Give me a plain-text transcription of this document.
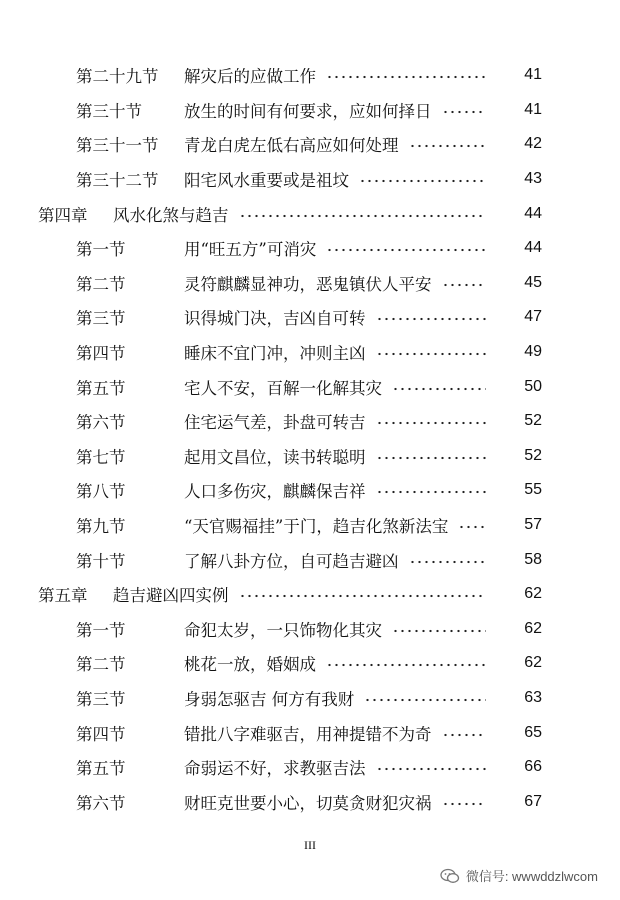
第二十九节	解灾后的应做工作	41
第三十节	放生的时间有何要求，应如何择日	41
第三十一节	青龙白虎左低右高应如何处理	42
第三十二节	阳宅风水重要或是祖坟	43
第四章	风水化煞与趋吉	44
第一节	用“旺五方”可消灾	44
第二节	灵符麒麟显神功，恶鬼镇伏人平安	45
第三节	识得城门决，吉凶自可转	47
第四节	睡床不宜门冲，冲则主凶	49
第五节	宅人不安，百解一化解其灾	50
第六节	住宅运气差，卦盘可转吉	52
第七节	起用文昌位，读书转聪明	52
第八节	人口多伤灾，麒麟保吉祥	55
第九节	“天官赐福挂”于门，趋吉化煞新法宝	57
第十节	了解八卦方位，自可趋吉避凶	58
第五章	趋吉避凶四实例	62
第一节	命犯太岁，一只饰物化其灾	62
第二节	桃花一放，婚姻成	62
第三节	身弱怎驱吉 何方有我财	63
第四节	错批八字难驱吉，用神提错不为奇	65
第五节	命弱运不好，求教驱吉法	66
第六节	财旺克世要小心，切莫贪财犯灾祸	67
III
微信号: wwwddzlwcom
